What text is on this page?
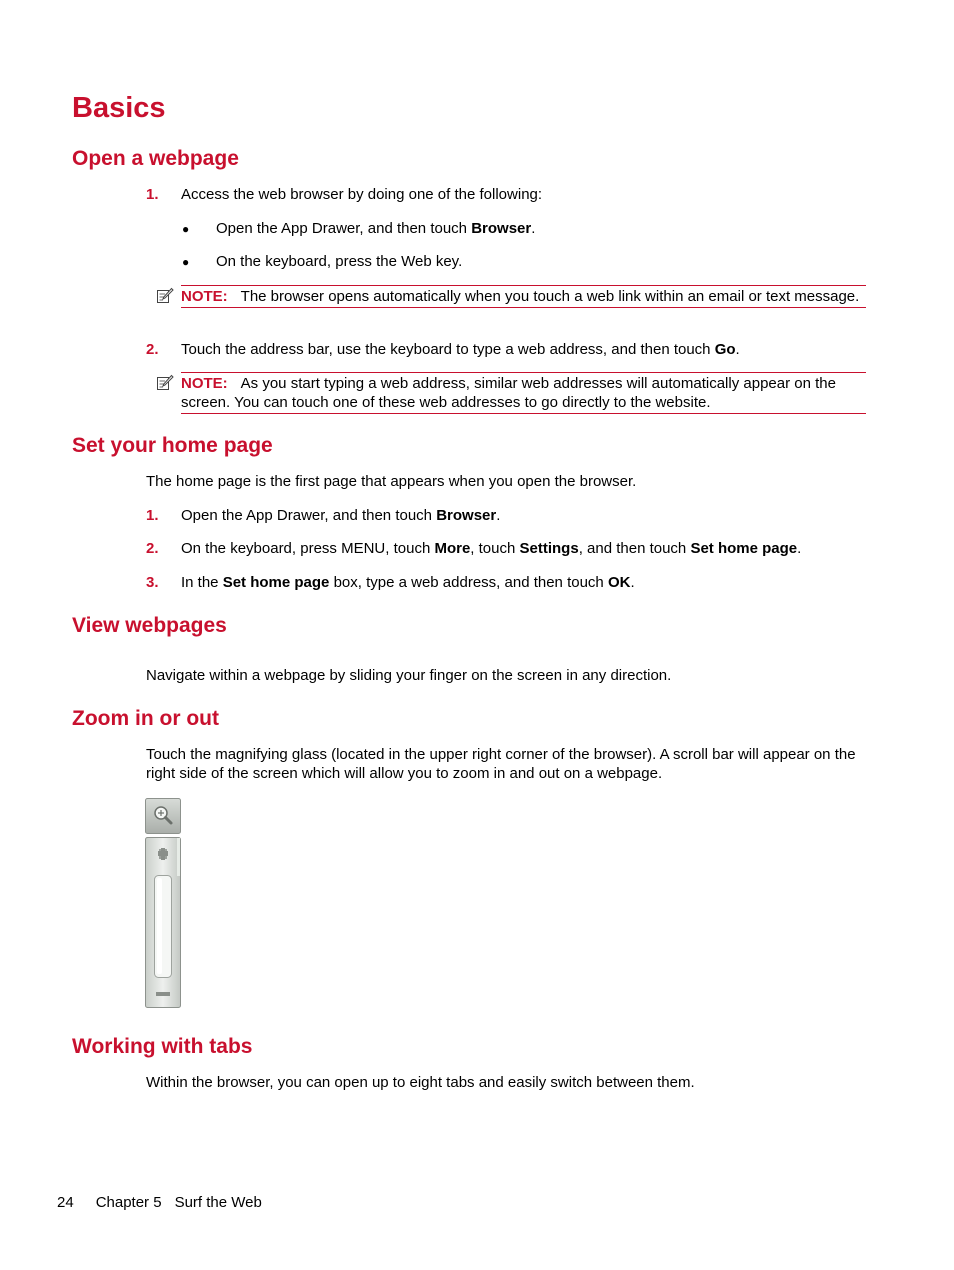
Basics
Open a webpage
1. Access the web browser by doing one of the following:
● Open the App Drawer, and then touch Browser.
● On the keyboard, press the Web key.
NOTE: The browser opens automatically when you touch a web link within an email or text message.
2. Touch the address bar, use the keyboard to type a web address, and then touch Go.
NOTE: As you start typing a web address, similar web addresses will automatically appear on the screen. You can touch one of these web addresses to go directly to the website.
Set your home page
The home page is the first page that appears when you open the browser.
1. Open the App Drawer, and then touch Browser.
2. On the keyboard, press MENU, touch More, touch Settings, and then touch Set home page.
3. In the Set home page box, type a web address, and then touch OK.
View webpages
Navigate within a webpage by sliding your finger on the screen in any direction.
Zoom in or out
Touch the magnifying glass (located in the upper right corner of the browser). A scroll bar will appear on the right side of the screen which will allow you to zoom in and out on a webpage.
Working with tabs
Within the browser, you can open up to eight tabs and easily switch between them.
24 Chapter 5 Surf the Web
